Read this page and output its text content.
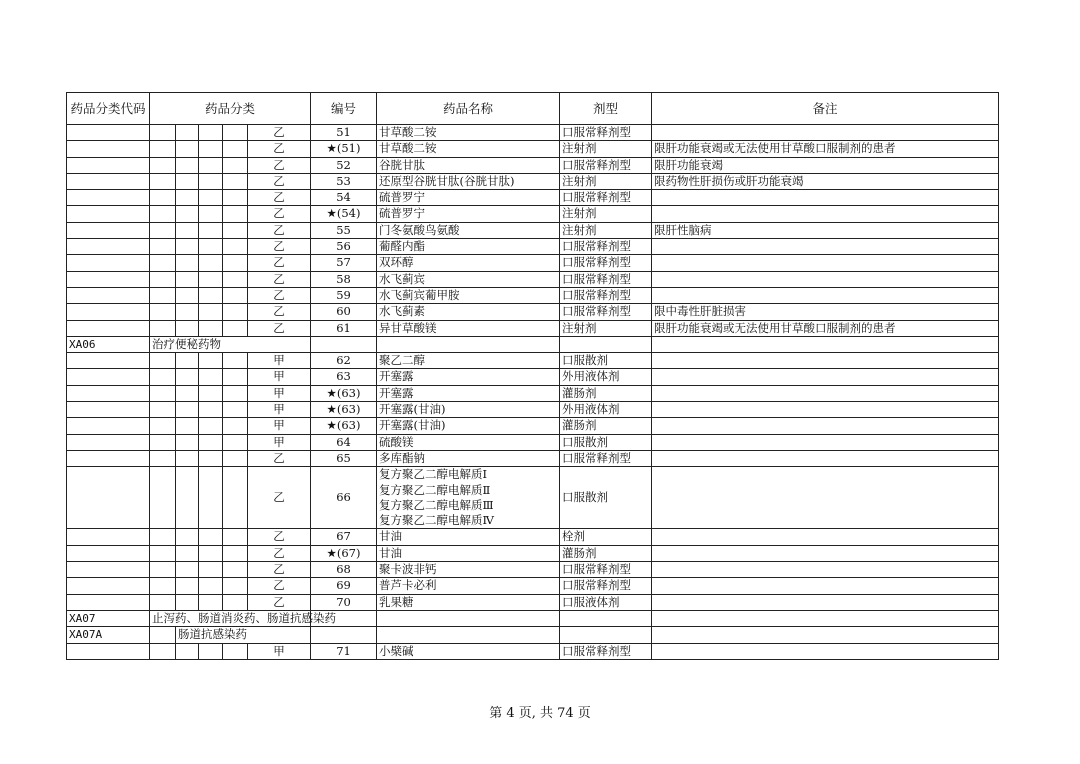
药品分类代码	药品分类					编号	药品名称	剂型	备注
					乙	51	甘草酸二铵	口服常释剂型	
					乙	★(51)	甘草酸二铵	注射剂	限肝功能衰竭或无法使用甘草酸口服制剂的患者
					乙	52	谷胱甘肽	口服常释剂型	限肝功能衰竭
					乙	53	还原型谷胱甘肽(谷胱甘肽)	注射剂	限药物性肝损伤或肝功能衰竭
					乙	54	硫普罗宁	口服常释剂型	
					乙	★(54)	硫普罗宁	注射剂	
					乙	55	门冬氨酸鸟氨酸	注射剂	限肝性脑病
					乙	56	葡醛内酯	口服常释剂型	
					乙	57	双环醇	口服常释剂型	
					乙	58	水飞蓟宾	口服常释剂型	
					乙	59	水飞蓟宾葡甲胺	口服常释剂型	
					乙	60	水飞蓟素	口服常释剂型	限中毒性肝脏损害
					乙	61	异甘草酸镁	注射剂	限肝功能衰竭或无法使用甘草酸口服制剂的患者
XA06	治疗便秘药物								
					甲	62	聚乙二醇	口服散剂	
					甲	63	开塞露	外用液体剂	
					甲	★(63)	开塞露	灌肠剂	
					甲	★(63)	开塞露(甘油)	外用液体剂	
					甲	★(63)	开塞露(甘油)	灌肠剂	
					甲	64	硫酸镁	口服散剂	
					乙	65	多库酯钠	口服常释剂型	
					乙	66	复方聚乙二醇电解质Ⅰ
复方聚乙二醇电解质Ⅱ
复方聚乙二醇电解质Ⅲ
复方聚乙二醇电解质Ⅳ	口服散剂	
					乙	67	甘油	栓剂	
					乙	★(67)	甘油	灌肠剂	
					乙	68	聚卡波非钙	口服常释剂型	
					乙	69	普芦卡必利	口服常释剂型	
					乙	70	乳果糖	口服液体剂	
XA07	止泻药、肠道消炎药、肠道抗感染药								
XA07A		肠道抗感染药							
					甲	71	小檗碱	口服常释剂型	
第 4 页, 共 74 页
